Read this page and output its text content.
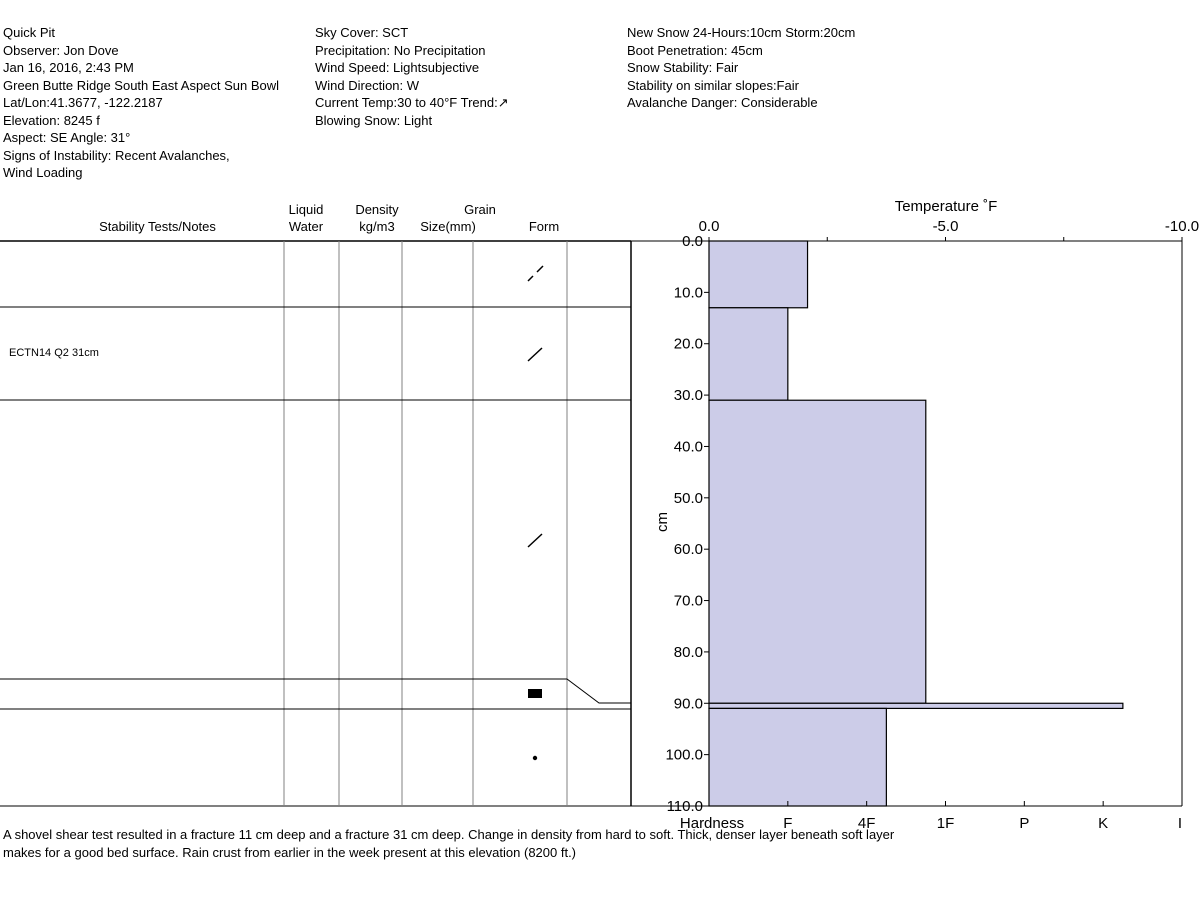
Quick Pit
Observer: Jon Dove
Jan 16, 2016, 2:43 PM
Green Butte Ridge South East Aspect Sun Bowl
Lat/Lon:41.3677, -122.2187
Elevation: 8245 f
Aspect: SE Angle: 31°
Signs of Instability: Recent Avalanches,
Wind Loading
Sky Cover: SCT
Precipitation: No Precipitation
Wind Speed: Lightsubjective
Wind Direction: W
Current Temp:30 to 40°F Trend:↗
Blowing Snow: Light
New Snow 24-Hours:10cm Storm:20cm
Boot Penetration: 45cm
Snow Stability: Fair
Stability on similar slopes:Fair
Avalanche Danger: Considerable
Stability Tests/Notes
Liquid
Water
Density
kg/m3
Grain
Size(mm)	Form
ECTN14 Q2 31cm
0.0
10.0
20.0
30.0
40.0
50.0
60.0
70.0
80.0
90.0
100.0
110.0
0.0	-5.0	-10.0
Hardness	F	4F	1F	P	K	I
Temperature ˚F
cm
A shovel shear test resulted in a fracture 11 cm deep and a fracture 31 cm deep. Change in density from hard to soft. Thick, denser layer beneath soft layer makes for a good bed surface. Rain crust from earlier in the week present at this elevation (8200 ft.)
